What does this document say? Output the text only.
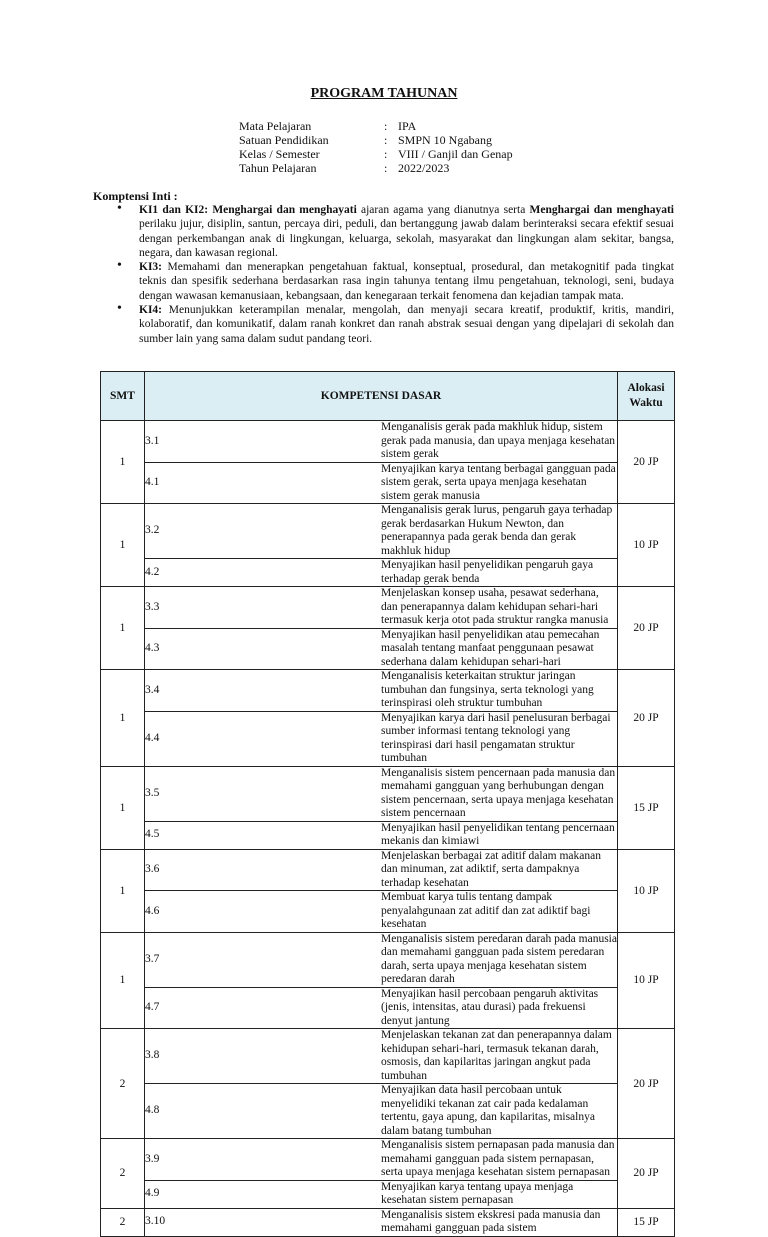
PROGRAM TAHUNAN
Mata Pelajaran	: IPA
Satuan Pendidikan	: SMPN 10 Ngabang
Kelas / Semester	: VIII / Ganjil dan Genap
Tahun Pelajaran	: 2022/2023
Komptensi Inti :
• KI1 dan KI2: Menghargai dan menghayati ajaran agama yang dianutnya serta Menghargai dan menghayati perilaku jujur, disiplin, santun, percaya diri, peduli, dan bertanggung jawab dalam berinteraksi secara efektif sesuai dengan perkembangan anak di lingkungan, keluarga, sekolah, masyarakat dan lingkungan alam sekitar, bangsa, negara, dan kawasan regional.
• KI3: Memahami dan menerapkan pengetahuan faktual, konseptual, prosedural, dan metakognitif pada tingkat teknis dan spesifik sederhana berdasarkan rasa ingin tahunya tentang ilmu pengetahuan, teknologi, seni, budaya dengan wawasan kemanusiaan, kebangsaan, dan kenegaraan terkait fenomena dan kejadian tampak mata.
• KI4: Menunjukkan keterampilan menalar, mengolah, dan menyaji secara kreatif, produktif, kritis, mandiri, kolaboratif, dan komunikatif, dalam ranah konkret dan ranah abstrak sesuai dengan yang dipelajari di sekolah dan sumber lain yang sama dalam sudut pandang teori.
SMT	KOMPETENSI DASAR		Alokasi
Waktu
1	3.1	Menganalisis gerak pada makhluk hidup, sistem gerak pada manusia, dan upaya menjaga kesehatan sistem gerak	20 JP
	4.1	Menyajikan karya tentang berbagai gangguan pada sistem gerak, serta upaya menjaga kesehatan sistem gerak manusia	
1	3.2	Menganalisis gerak lurus, pengaruh gaya terhadap gerak berdasarkan Hukum Newton, dan penerapannya pada gerak benda dan gerak makhluk hidup	10 JP
	4.2	Menyajikan hasil penyelidikan pengaruh gaya terhadap gerak benda	
1	3.3	Menjelaskan konsep usaha, pesawat sederhana, dan penerapannya dalam kehidupan sehari-hari termasuk kerja otot pada struktur rangka manusia	20 JP
	4.3	Menyajikan hasil penyelidikan atau pemecahan masalah tentang manfaat penggunaan pesawat sederhana dalam kehidupan sehari-hari	
1	3.4	Menganalisis keterkaitan struktur jaringan tumbuhan dan fungsinya, serta teknologi yang terinspirasi oleh struktur tumbuhan	20 JP
	4.4	Menyajikan karya dari hasil penelusuran berbagai sumber informasi tentang teknologi yang terinspirasi dari hasil pengamatan struktur tumbuhan	
1	3.5	Menganalisis sistem pencernaan pada manusia dan memahami gangguan yang berhubungan dengan sistem pencernaan, serta upaya menjaga kesehatan sistem pencernaan	15 JP
	4.5	Menyajikan hasil penyelidikan tentang pencernaan mekanis dan kimiawi	
1	3.6	Menjelaskan berbagai zat aditif dalam makanan dan minuman, zat adiktif, serta dampaknya terhadap kesehatan	10 JP
	4.6	Membuat karya tulis tentang dampak penyalahgunaan zat aditif dan zat adiktif bagi kesehatan	
1	3.7	Menganalisis sistem peredaran darah pada manusia dan memahami gangguan pada sistem peredaran darah, serta upaya menjaga kesehatan sistem peredaran darah	10 JP
	4.7	Menyajikan hasil percobaan pengaruh aktivitas (jenis, intensitas, atau durasi) pada frekuensi denyut jantung	
2	3.8	Menjelaskan tekanan zat dan penerapannya dalam kehidupan sehari-hari, termasuk tekanan darah, osmosis, dan kapilaritas jaringan angkut pada tumbuhan	20 JP
	4.8	Menyajikan data hasil percobaan untuk menyelidiki tekanan zat cair pada kedalaman tertentu, gaya apung, dan kapilaritas, misalnya dalam batang tumbuhan	
2	3.9	Menganalisis sistem pernapasan pada manusia dan memahami gangguan pada sistem pernapasan, serta upaya menjaga kesehatan sistem pernapasan	20 JP
	4.9	Menyajikan karya tentang upaya menjaga kesehatan sistem pernapasan	
2	3.10	Menganalisis sistem ekskresi pada manusia dan memahami gangguan pada sistem	15 JP
